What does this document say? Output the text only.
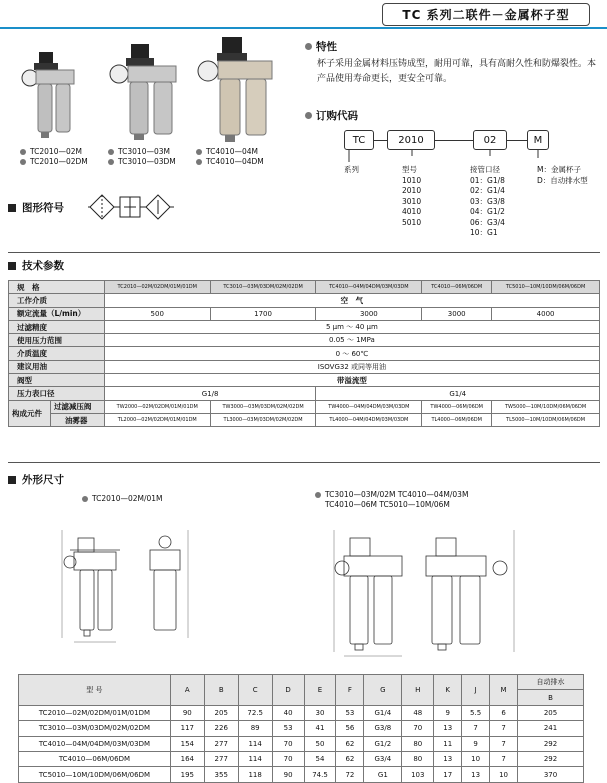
TC 系列二联件－金属杯子型
TC2010—02M
TC2010—02DM
TC3010—03M
TC3010—03DM
TC4010—04M
TC4010—04DM
图形符号
特性
杯子采用金属材料压铸成型，耐用可靠，具有高耐久性和防爆裂性。本产品使用寿命更长，更安全可靠。
订购代码
TC	2010	02	M
系列	型号
1010
2010
3010
4010
5010
接管口径
01：G1/8
02：G1/4
03：G3/8
04：G1/2
06：G3/4
10：G1
M：金属杯子
D：自动排水型
技术参数
规　格		TC2010—02M/02DM/01M/01DM	TC3010—03M/03DM/02M/02DM	TC4010—04M/04DM/03M/03DM	TC4010—06M/06DM	TC5010—10M/10DM/06M/06DM
工作介质		空　气				
额定流量（L/min）		500	1700	3000	3000	4000
过滤精度		5 μm ～ 40 μm				
使用压力范围		0.05 ～ 1MPa				
介质温度		0 ～ 60℃				
建议用油		ISOVG32 或同等用油				
阀型		带溢流型				
压力表口径		G1/8		G1/4		
构成元件	过滤减压阀	TW2000—02M/02DM/01M/01DM	TW3000—03M/03DM/02M/02DM	TW4000—04M/04DM/03M/03DM	TW4000—06M/06DM	TW5000—10M/10DM/06M/06DM
	油雾器	TL2000—02M/02DM/01M/01DM	TL3000—03M/03DM/02M/02DM	TL4000—04M/04DM/03M/03DM	TL4000—06M/06DM	TL5000—10M/10DM/06M/06DM
外形尺寸
TC2010—02M/01M	TC3010—03M/02M TC4010—04M/03M
TC4010—06M TC5010—10M/06M
型 号	A	B	C	D	E	F	G	H	K	J	M	自动排水
												B
TC2010—02M/02DM/01M/01DM	90	205	72.5	40	30	53	G1/4	48	9	5.5	6	205
TC3010—03M/03DM/02M/02DM	117	226	89	53	41	56	G3/8	70	13	7	7	241
TC4010—04M/04DM/03M/03DM	154	277	114	70	50	62	G1/2	80	11	9	7	292
TC4010—06M/06DM	164	277	114	70	54	62	G3/4	80	13	10	7	292
TC5010—10M/10DM/06M/06DM	195	355	118	90	74.5	72	G1	103	17	13	10	370
